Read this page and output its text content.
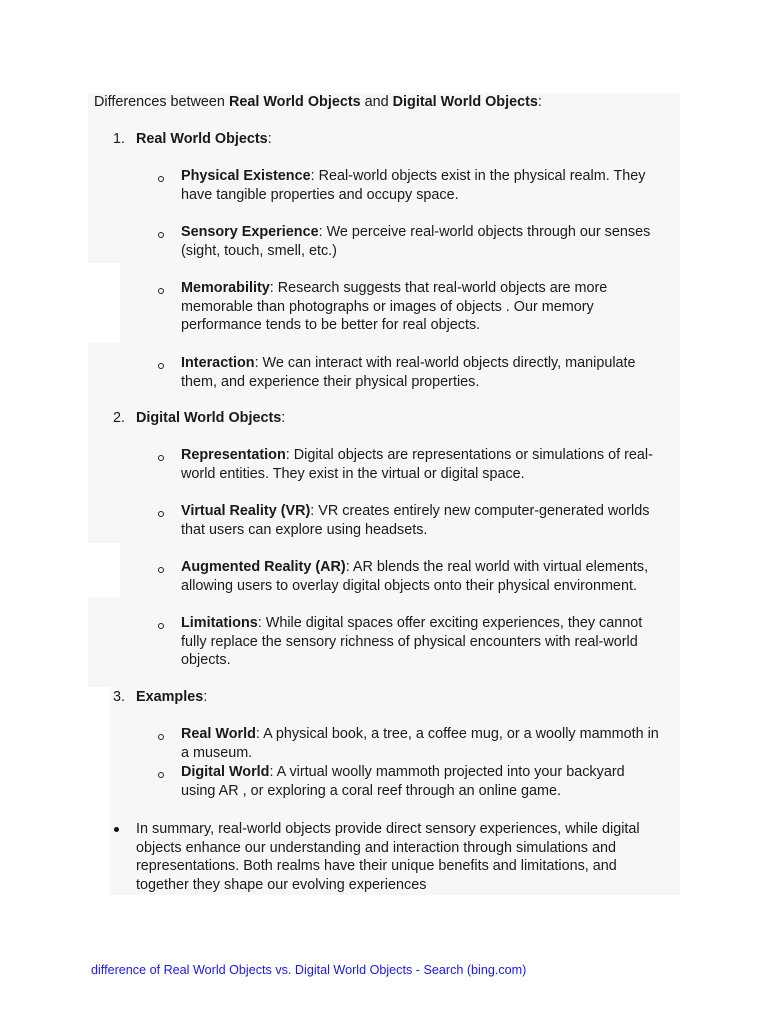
Differences between Real World Objects and Digital World Objects:
1. Real World Objects:
Physical Existence: Real-world objects exist in the physical realm. They
have tangible properties and occupy space.
Sensory Experience: We perceive real-world objects through our senses
(sight, touch, smell, etc.)
Memorability: Research suggests that real-world objects are more
memorable than photographs or images of objects . Our memory
performance tends to be better for real objects.
Interaction: We can interact with real-world objects directly, manipulate
them, and experience their physical properties.
2. Digital World Objects:
Representation: Digital objects are representations or simulations of real-
world entities. They exist in the virtual or digital space.
Virtual Reality (VR): VR creates entirely new computer-generated worlds
that users can explore using headsets.
Augmented Reality (AR): AR blends the real world with virtual elements,
allowing users to overlay digital objects onto their physical environment.
Limitations: While digital spaces offer exciting experiences, they cannot
fully replace the sensory richness of physical encounters with real-world
objects.
3. Examples:
Real World: A physical book, a tree, a coffee mug, or a woolly mammoth in
a museum.
Digital World: A virtual woolly mammoth projected into your backyard
using AR , or exploring a coral reef through an online game.
In summary, real-world objects provide direct sensory experiences, while digital
objects enhance our understanding and interaction through simulations and
representations. Both realms have their unique benefits and limitations, and
together they shape our evolving experiences
difference of Real World Objects vs. Digital World Objects - Search (bing.com)
